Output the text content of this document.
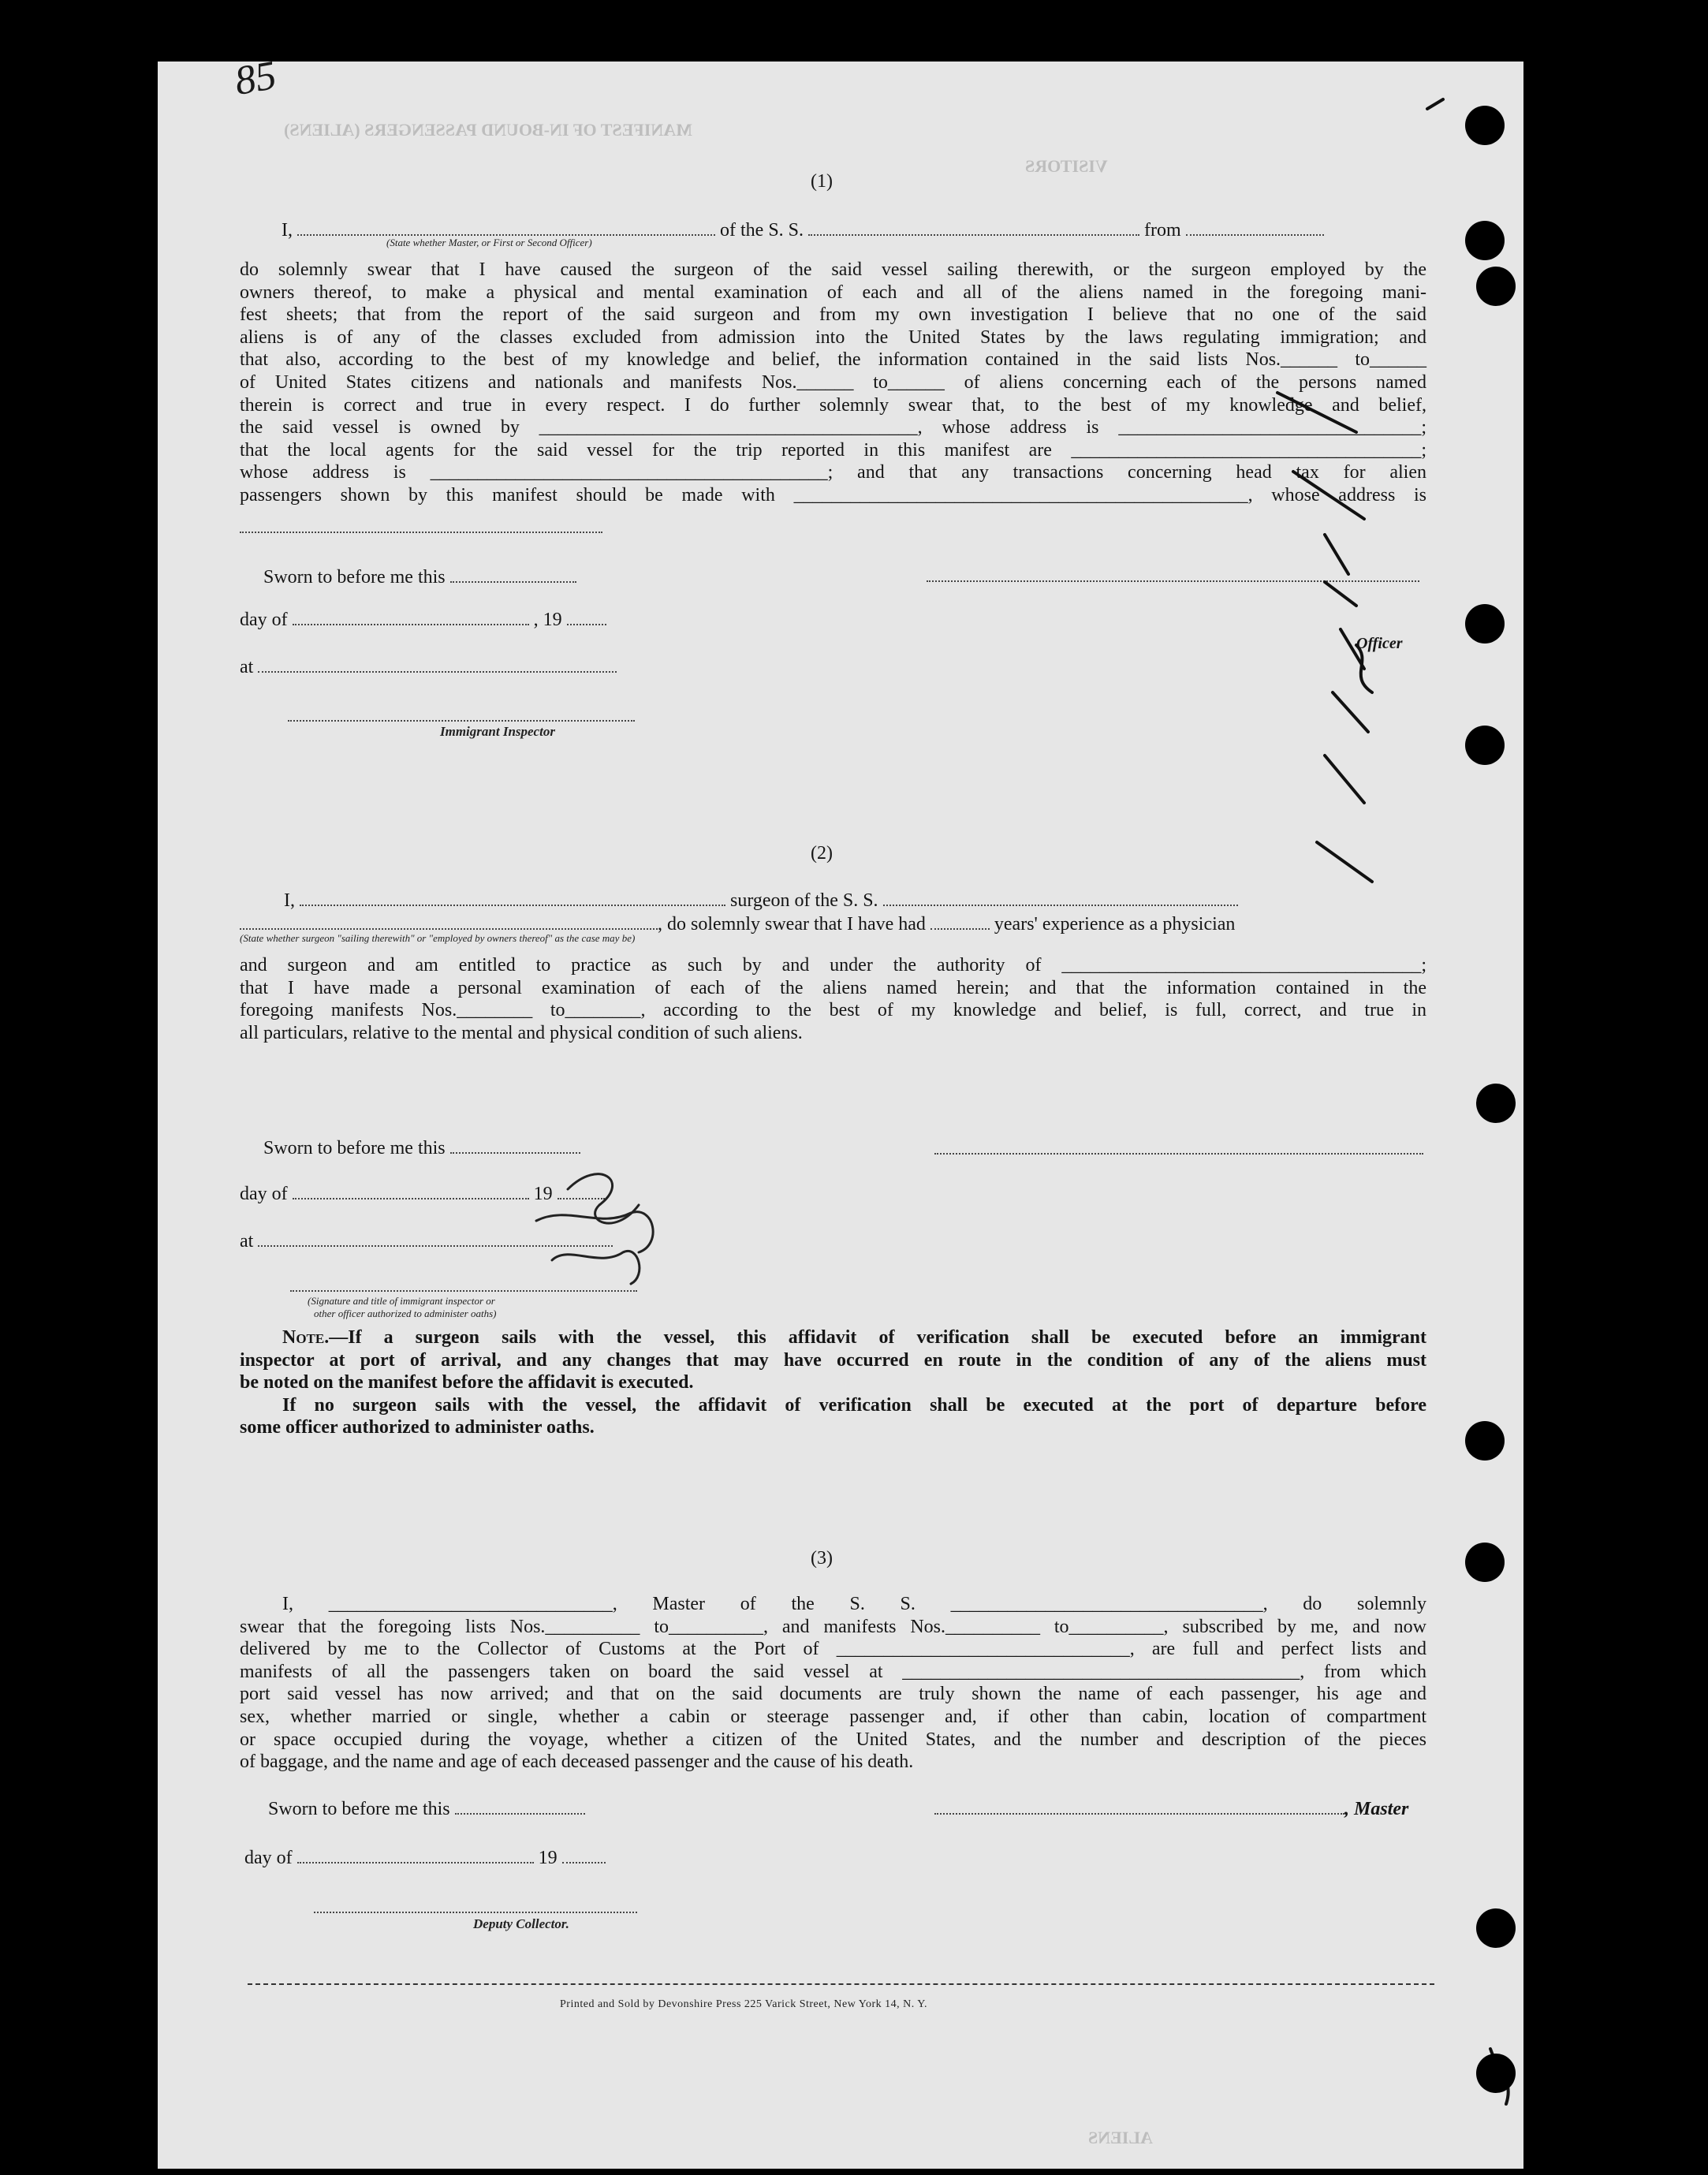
MANIFEST OF IN-BOUND PASSENGERS (ALIENS)
VISITORS
ALIENS
85
(1)
I,	of the S. S.	from
(State whether Master, or First or Second Officer)

do solemnly swear that I have caused the surgeon of the said vessel sailing therewith, or the surgeon employed by the

owners thereof, to make a physical and mental examination of each and all of the aliens named in the foregoing mani-

fest sheets; that from the report of the said surgeon and from my own investigation I believe that no one of the said

aliens is of any of the classes excluded from admission into the United States by the laws regulating immigration; and

that also, according to the best of my knowledge and belief, the information contained in the said lists Nos.______ to______

of United States citizens and nationals and manifests Nos.______ to______ of aliens concerning each of the persons named

therein is correct and true in every respect. I do further solemnly swear that, to the best of my knowledge and belief,

the said vessel is owned by ________________________________________, whose address is ________________________________;

that the local agents for the said vessel for the trip reported in this manifest are _____________________________________;

whose address is __________________________________________; and that any transactions concerning head tax for alien

passengers shown by this manifest should be made with ________________________________________________, whose address is

Sworn to before me this
day of	, 19
Officer
at
Immigrant Inspector
(2)
I,	surgeon of the S. S.
, do solemnly swear that I have had	years' experience as a physician
(State whether surgeon "sailing therewith" or "employed by owners thereof" as the case may be)

and surgeon and am entitled to practice as such by and under the authority of ______________________________________;

that I have made a personal examination of each of the aliens named herein; and that the information contained in the

foregoing manifests Nos.________ to________, according to the best of my knowledge and belief, is full, correct, and true in

all particulars, relative to the mental and physical condition of such aliens.

Sworn to before me this
day of	19
at
(Signature and title of immigrant inspector or
other officer authorized to administer oaths)

Note.—If a surgeon sails with the vessel, this affidavit of verification shall be executed before an immigrant

inspector at port of arrival, and any changes that may have occurred en route in the condition of any of the aliens must

be noted on the manifest before the affidavit is executed.

If no surgeon sails with the vessel, the affidavit of verification shall be executed at the port of departure before

some officer authorized to administer oaths.

(3)

I, ______________________________, Master of the S. S. _________________________________, do solemnly

swear that the foregoing lists Nos.__________ to__________, and manifests Nos.__________ to__________, subscribed by me, and now

delivered by me to the Collector of Customs at the Port of _______________________________, are full and perfect lists and

manifests of all the passengers taken on board the said vessel at __________________________________________, from which

port said vessel has now arrived; and that on the said documents are truly shown the name of each passenger, his age and

sex, whether married or single, whether a cabin or steerage passenger and, if other than cabin, location of compartment

or space occupied during the voyage, whether a citizen of the United States, and the number and description of the pieces

of baggage, and the name and age of each deceased passenger and the cause of his death.

Sworn to before me this	, Master
day of	19
Deputy Collector.
Printed and Sold by Devonshire Press 225 Varick Street, New York 14, N. Y.
